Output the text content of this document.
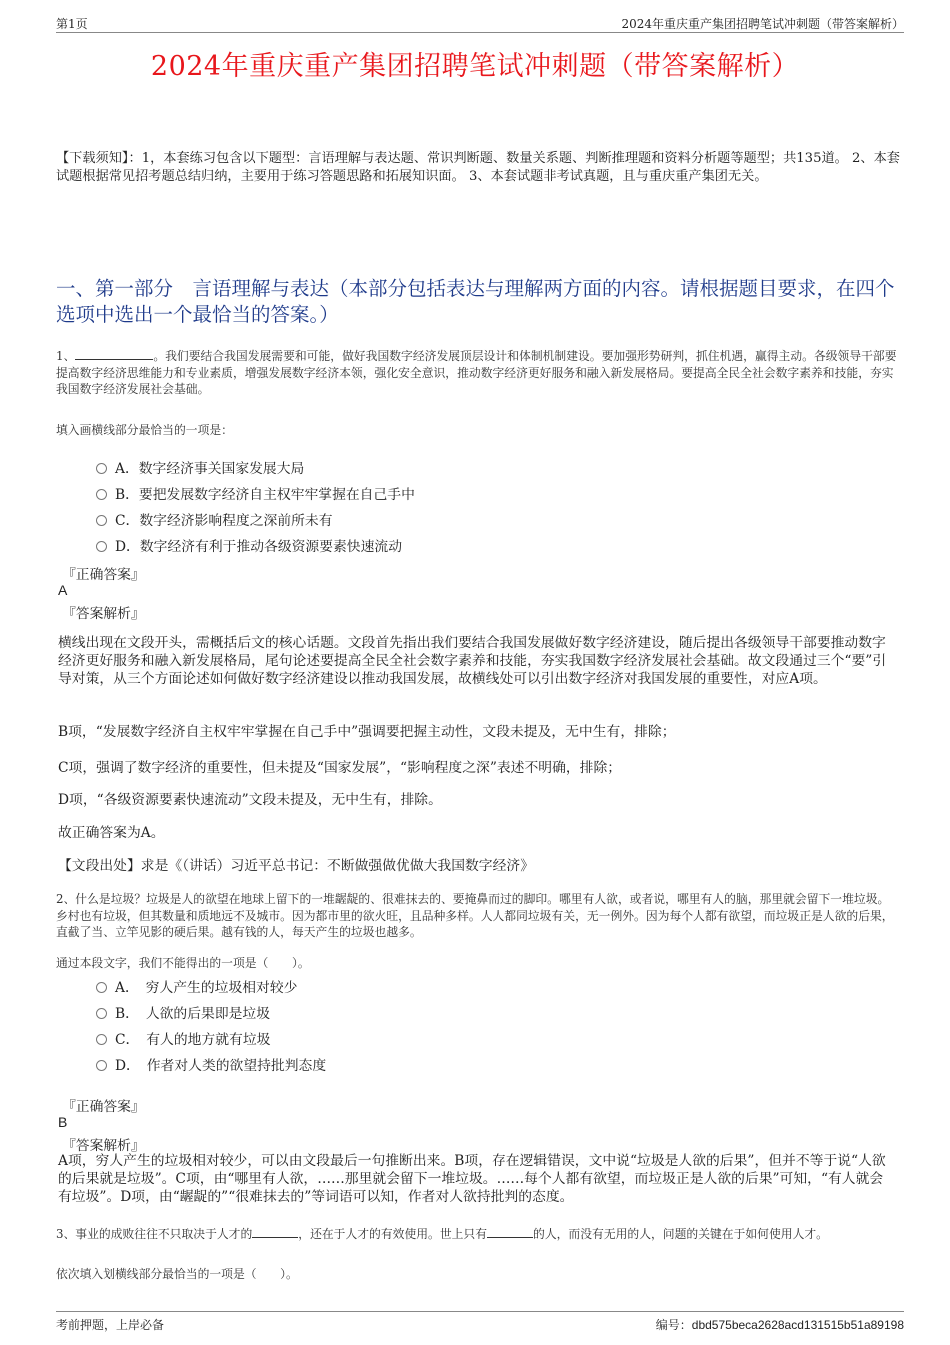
第1页	2024年重庆重产集团招聘笔试冲刺题（带答案解析）
2024年重庆重产集团招聘笔试冲刺题（带答案解析）
【下载须知】：1，本套练习包含以下题型：言语理解与表达题、常识判断题、数量关系题、判断推理题和资料分析题等题型；共135道。 2、本套试题根据常见招考题总结归纳，主要用于练习答题思路和拓展知识面。 3、本套试题非考试真题，且与重庆重产集团无关。
一、第一部分　言语理解与表达（本部分包括表达与理解两方面的内容。请根据题目要求，在四个选项中选出一个最恰当的答案。）
1、	。我们要结合我国发展需要和可能，做好我国数字经济发展顶层设计和体制机制建设。要加强形势研判，抓住机遇，赢得主动。各级领导干部要提高数字经济思维能力和专业素质，增强发展数字经济本领，强化安全意识，推动数字经济更好服务和融入新发展格局。要提高全民全社会数字素养和技能，夯实我国数字经济发展社会基础。
填入画横线部分最恰当的一项是：
A．数字经济事关国家发展大局
B．要把发展数字经济自主权牢牢掌握在自己手中
C．数字经济影响程度之深前所未有
D．数字经济有利于推动各级资源要素快速流动
『正确答案』
A
『答案解析』
横线出现在文段开头，需概括后文的核心话题。文段首先指出我们要结合我国发展做好数字经济建设，随后提出各级领导干部要推动数字经济更好服务和融入新发展格局，尾句论述要提高全民全社会数字素养和技能，夯实我国数字经济发展社会基础。故文段通过三个“要”引导对策，从三个方面论述如何做好数字经济建设以推动我国发展，故横线处可以引出数字经济对我国发展的重要性，对应A项。
B项，“发展数字经济自主权牢牢掌握在自己手中”强调要把握主动性，文段未提及，无中生有，排除；
C项，强调了数字经济的重要性，但未提及“国家发展”，“影响程度之深”表述不明确，排除；
D项，“各级资源要素快速流动”文段未提及，无中生有，排除。
故正确答案为A。
【文段出处】求是《（讲话）习近平总书记：不断做强做优做大我国数字经济》
2、什么是垃圾？垃圾是人的欲望在地球上留下的一堆龌龊的、很难抹去的、要掩鼻而过的脚印。哪里有人欲，或者说，哪里有人的脑，那里就会留下一堆垃圾。乡村也有垃圾，但其数量和质地远不及城市。因为都市里的欲火旺，且品种多样。人人都同垃圾有关，无一例外。因为每个人都有欲望，而垃圾正是人欲的后果，直截了当、立竿见影的硬后果。越有钱的人，每天产生的垃圾也越多。
通过本段文字，我们不能得出的一项是（　　）。
A．　穷人产生的垃圾相对较少
B．　人欲的后果即是垃圾
C．　有人的地方就有垃圾
D．　作者对人类的欲望持批判态度
『正确答案』
B
『答案解析』
A项，穷人产生的垃圾相对较少，可以由文段最后一句推断出来。B项，存在逻辑错误，文中说“垃圾是人欲的后果”，但并不等于说“人欲的后果就是垃圾”。C项，由“哪里有人欲，……那里就会留下一堆垃圾。……每个人都有欲望，而垃圾正是人欲的后果”可知，“有人就会有垃圾”。D项，由“龌龊的”“很难抹去的”等词语可以知，作者对人欲持批判的态度。
3、事业的成败往往不只取决于人才的	，还在于人才的有效使用。世上只有	的人，而没有无用的人，问题的关键在于如何使用人才。
依次填入划横线部分最恰当的一项是（　　）。
考前押题，上岸必备	编号：dbd575beca2628acd131515b51a89198
